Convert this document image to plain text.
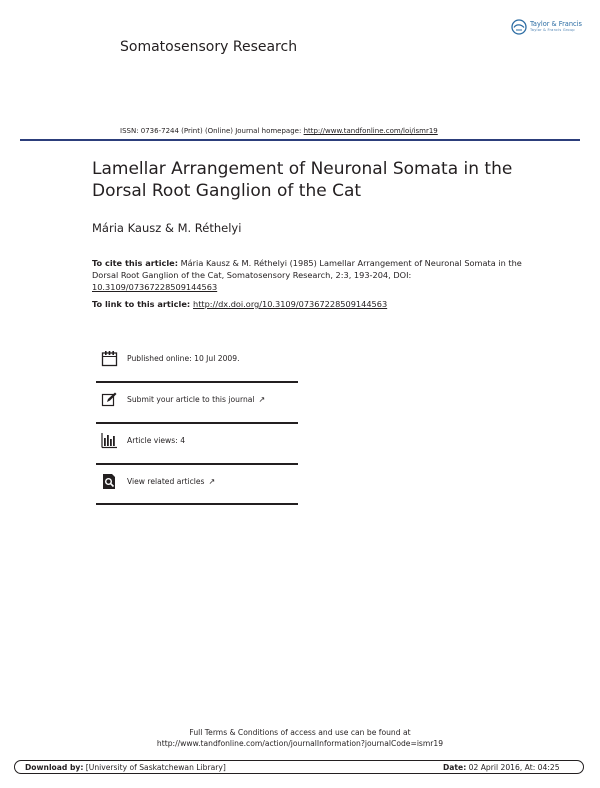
Somatosensory Research
Taylor & Francis
Taylor & Francis Group
ISSN: 0736-7244 (Print) (Online) Journal homepage: http://www.tandfonline.com/loi/ismr19
Lamellar Arrangement of Neuronal Somata in the Dorsal Root Ganglion of the Cat
Mária Kausz & M. Réthelyi
To cite this article: Mária Kausz & M. Réthelyi (1985) Lamellar Arrangement of Neuronal Somata in the Dorsal Root Ganglion of the Cat, Somatosensory Research, 2:3, 193-204, DOI: 10.3109/07367228509144563
To link to this article: http://dx.doi.org/10.3109/07367228509144563
Published online: 10 Jul 2009.
Submit your article to this journal ↗
Article views: 4
View related articles ↗
Full Terms & Conditions of access and use can be found at
http://www.tandfonline.com/action/journalInformation?journalCode=ismr19
Download by: [University of Saskatchewan Library]	Date: 02 April 2016, At: 04:25
